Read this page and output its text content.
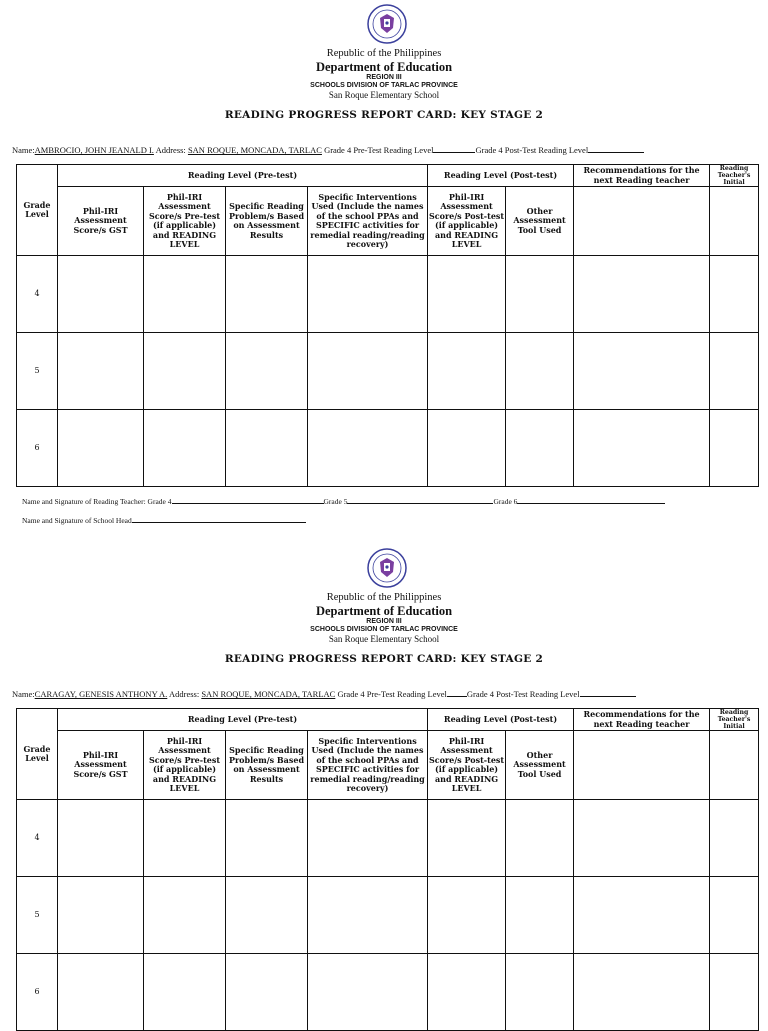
Republic of the Philippines
Department of Education
REGION III
SCHOOLS DIVISION OF TARLAC PROVINCE
San Roque Elementary School
READING PROGRESS REPORT CARD: KEY STAGE 2
Name:AMBROCIO, JOHN JEANALD I. Address: SAN ROQUE, MONCADA, TARLAC Grade 4 Pre-Test Reading Level	Grade 4 Post-Test Reading Level
Grade Level	Reading Level (Pre-test)				Reading Level (Post-test)		Recommendations for the next Reading teacher	Reading Teacher's Initial
	Phil-IRI Assessment Score/s GST	Phil-IRI Assessment Score/s Pre-test (if applicable) and READING LEVEL	Specific Reading Problem/s Based on Assessment Results	Specific Interventions Used (Include the names of the school PPAs and SPECIFIC activities for remedial reading/reading recovery)	Phil-IRI Assessment Score/s Post-test (if applicable) and READING LEVEL	Other Assessment Tool Used		
4								
5								
6								
Name and Signature of Reading Teacher: Grade 4	Grade 5	Grade 6
Name and Signature of School Head
Republic of the Philippines
Department of Education
REGION III
SCHOOLS DIVISION OF TARLAC PROVINCE
San Roque Elementary School
READING PROGRESS REPORT CARD: KEY STAGE 2
Name:CARAGAY, GENESIS ANTHONY A. Address: SAN ROQUE, MONCADA, TARLAC Grade 4 Pre-Test Reading Level Grade 4 Post-Test Reading Level
Grade Level	Reading Level (Pre-test)				Reading Level (Post-test)		Recommendations for the next Reading teacher	Reading Teacher's Initial
	Phil-IRI Assessment Score/s GST	Phil-IRI Assessment Score/s Pre-test (if applicable) and READING LEVEL	Specific Reading Problem/s Based on Assessment Results	Specific Interventions Used (Include the names of the school PPAs and SPECIFIC activities for remedial reading/reading recovery)	Phil-IRI Assessment Score/s Post-test (if applicable) and READING LEVEL	Other Assessment Tool Used		
4								
5								
6								
